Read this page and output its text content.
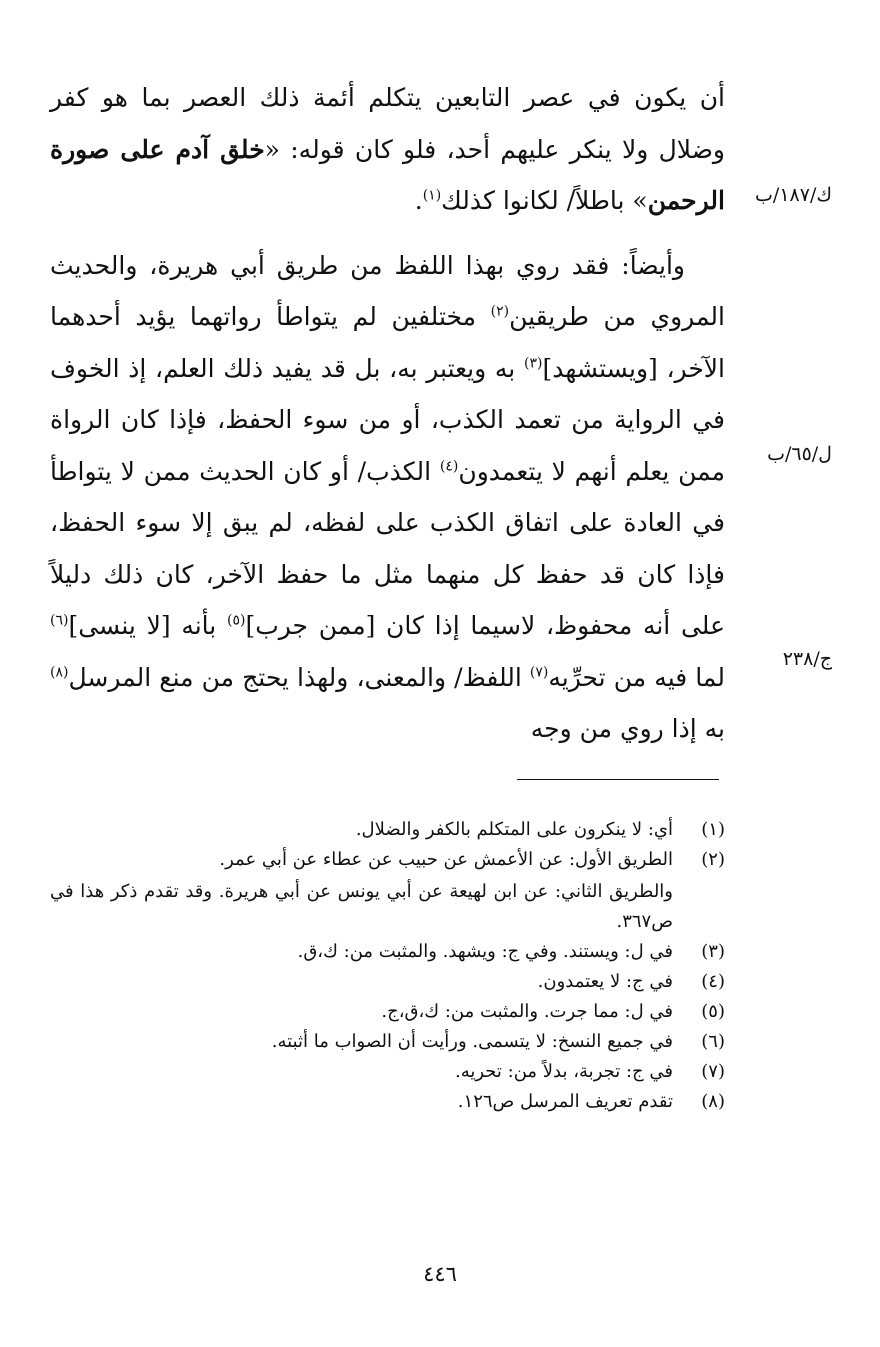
أن يكون في عصر التابعين يتكلم أئمة ذلك العصر بما هو كفر وضلال ولا ينكر عليهم أحد، فلو كان قوله: «خلق آدم على صورة الرحمن» باطلاً/ لكانوا كذلك$^{(١)}$.

وأيضاً: فقد روي بهذا اللفظ من طريق أبي هريرة، والحديث المروي من طريقين$^{(٢)}$ مختلفين لم يتواطأ رواتهما يؤيد أحدهما الآخر، [ويستشهد]$^{(٣)}$ به ويعتبر به، بل قد يفيد ذلك العلم، إذ الخوف في الرواية من تعمد الكذب، أو من سوء الحفظ، فإذا كان الرواة ممن يعلم أنهم لا يتعمدون$^{(٤)}$ الكذب/ أو كان الحديث ممن لا يتواطأ في العادة على اتفاق الكذب على لفظه، لم يبق إلا سوء الحفظ، فإذا كان قد حفظ كل منهما مثل ما حفظ الآخر، كان ذلك دليلاً على أنه محفوظ، لاسيما إذا كان [ممن جرب]$^{(٥)}$ بأنه [لا ينسى]$^{(٦)}$ لما فيه من تحرِّيه$^{(٧)}$ اللفظ/ والمعنى، ولهذا يحتج من منع المرسل$^{(٨)}$ به إذا روي من وجه

ك/١٨٧/ب
ل/٦٥/ب
ج/٢٣٨
(١)
أي: لا ينكرون على المتكلم بالكفر والضلال.
(٢)
الطريق الأول: عن الأعمش عن حبيب عن عطاء عن أبي عمر.
والطريق الثاني: عن ابن لهيعة عن أبي يونس عن أبي هريرة. وقد تقدم ذكر هذا في ص٣٦٧.
(٣)
في ل: ويستند. وفي ج: ويشهد. والمثبت من: ك،ق.
(٤)
في ج: لا يعتمدون.
(٥)
في ل: مما جرت. والمثبت من: ك،ق،ج.
(٦)
في جميع النسخ: لا يتسمى. ورأيت أن الصواب ما أثبته.
(٧)
في ج: تجربة، بدلاً من: تحريه.
(٨)
تقدم تعريف المرسل ص١٢٦.
٤٤٦
